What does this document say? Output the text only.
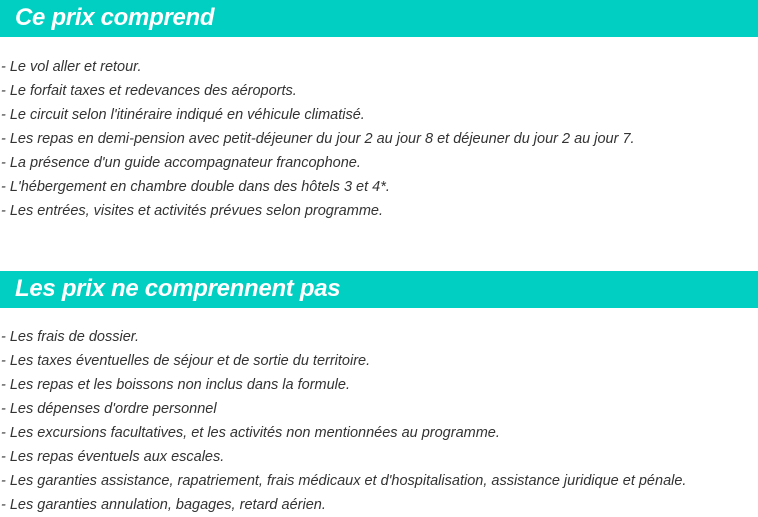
Ce prix comprend
- Le vol aller et retour.
- Le forfait taxes et redevances des aéroports.
- Le circuit selon l'itinéraire indiqué en véhicule climatisé.
- Les repas en demi-pension avec petit-déjeuner du jour 2 au jour 8 et déjeuner du jour 2 au jour 7.
- La présence d'un guide accompagnateur francophone.
- L'hébergement en chambre double dans des hôtels 3 et 4*.
- Les entrées, visites et activités prévues selon programme.
Les prix ne comprennent pas
- Les frais de dossier.
- Les taxes éventuelles de séjour et de sortie du territoire.
- Les repas et les boissons non inclus dans la formule.
- Les dépenses d'ordre personnel
- Les excursions facultatives, et les activités non mentionnées au programme.
- Les repas éventuels aux escales.
- Les garanties assistance, rapatriement, frais médicaux et d'hospitalisation, assistance juridique et pénale.
- Les garanties annulation, bagages, retard aérien.
